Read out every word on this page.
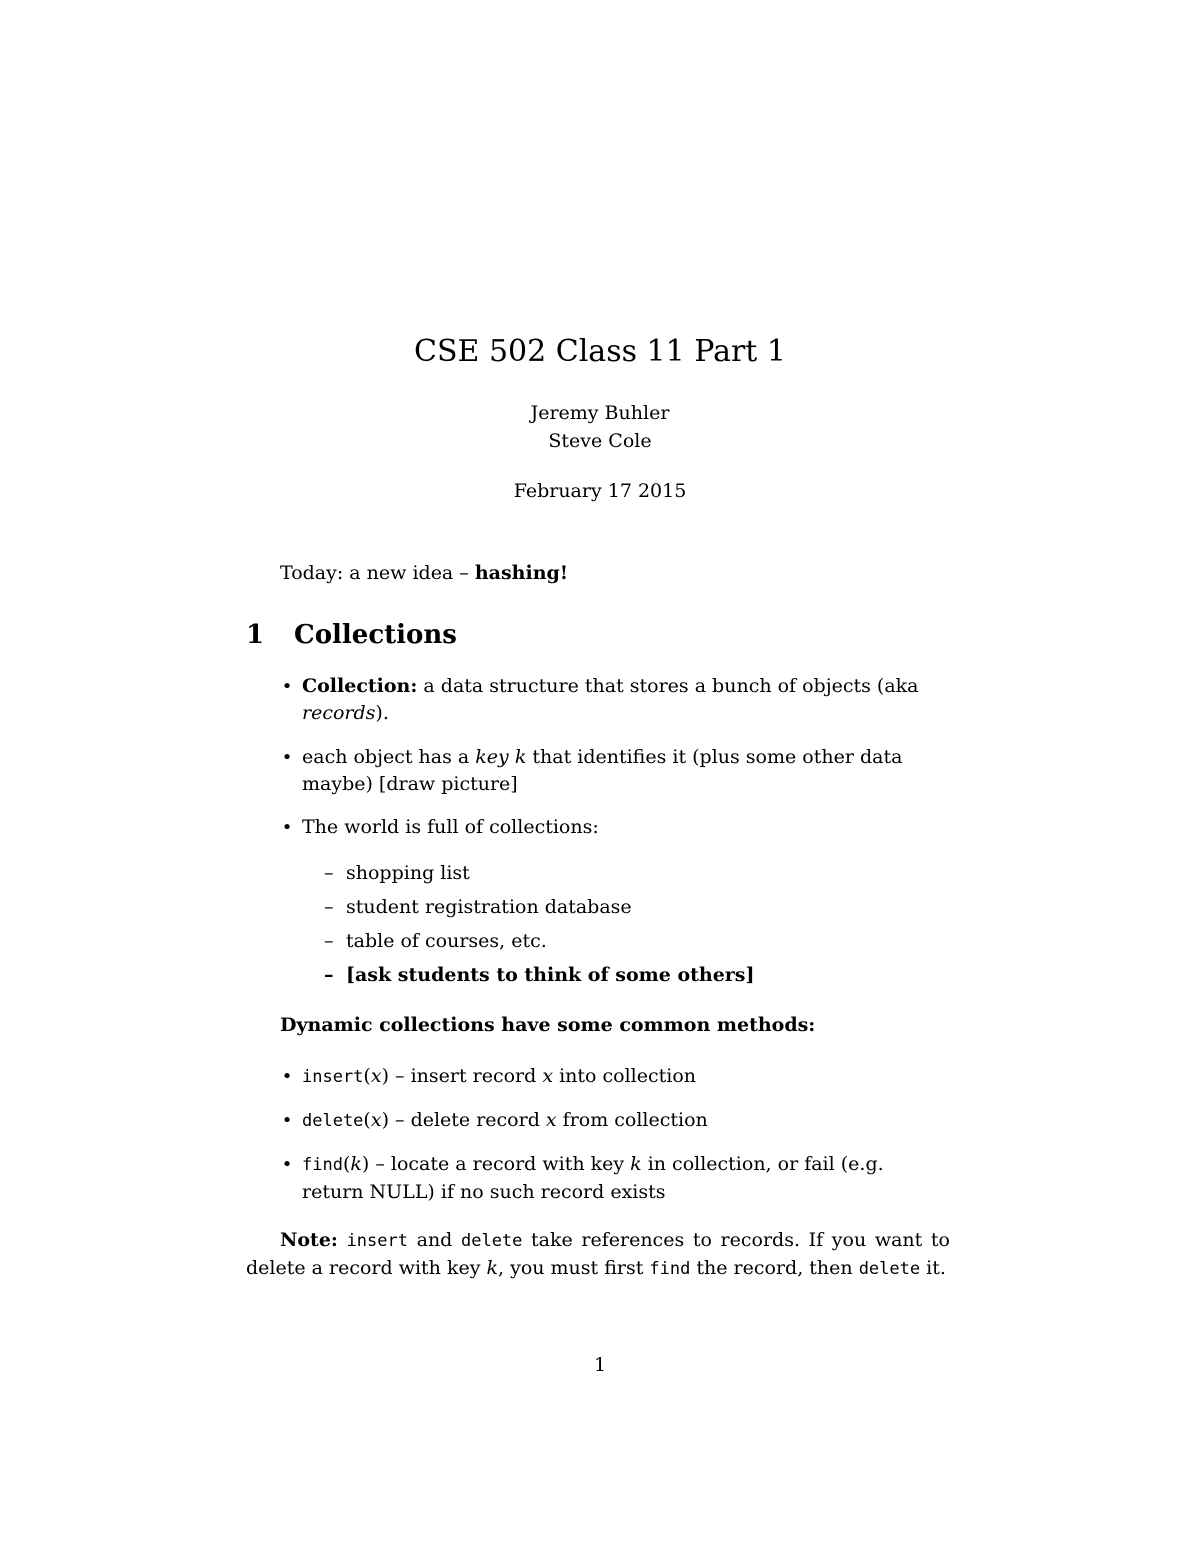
CSE 502 Class 11 Part 1
Jeremy Buhler
Steve Cole
February 17 2015
Today: a new idea – hashing!
1 Collections
• Collection: a data structure that stores a bunch of objects (aka records).
• each object has a key k that identifies it (plus some other data maybe) [draw picture]
• The world is full of collections:
– shopping list
– student registration database
– table of courses, etc.
– [ask students to think of some others]
Dynamic collections have some common methods:
• insert(x) – insert record x into collection
• delete(x) – delete record x from collection
• find(k) – locate a record with key k in collection, or fail (e.g. return NULL) if no such record exists
Note: insert and delete take references to records. If you want to delete a record with key k, you must first find the record, then delete it.
1
